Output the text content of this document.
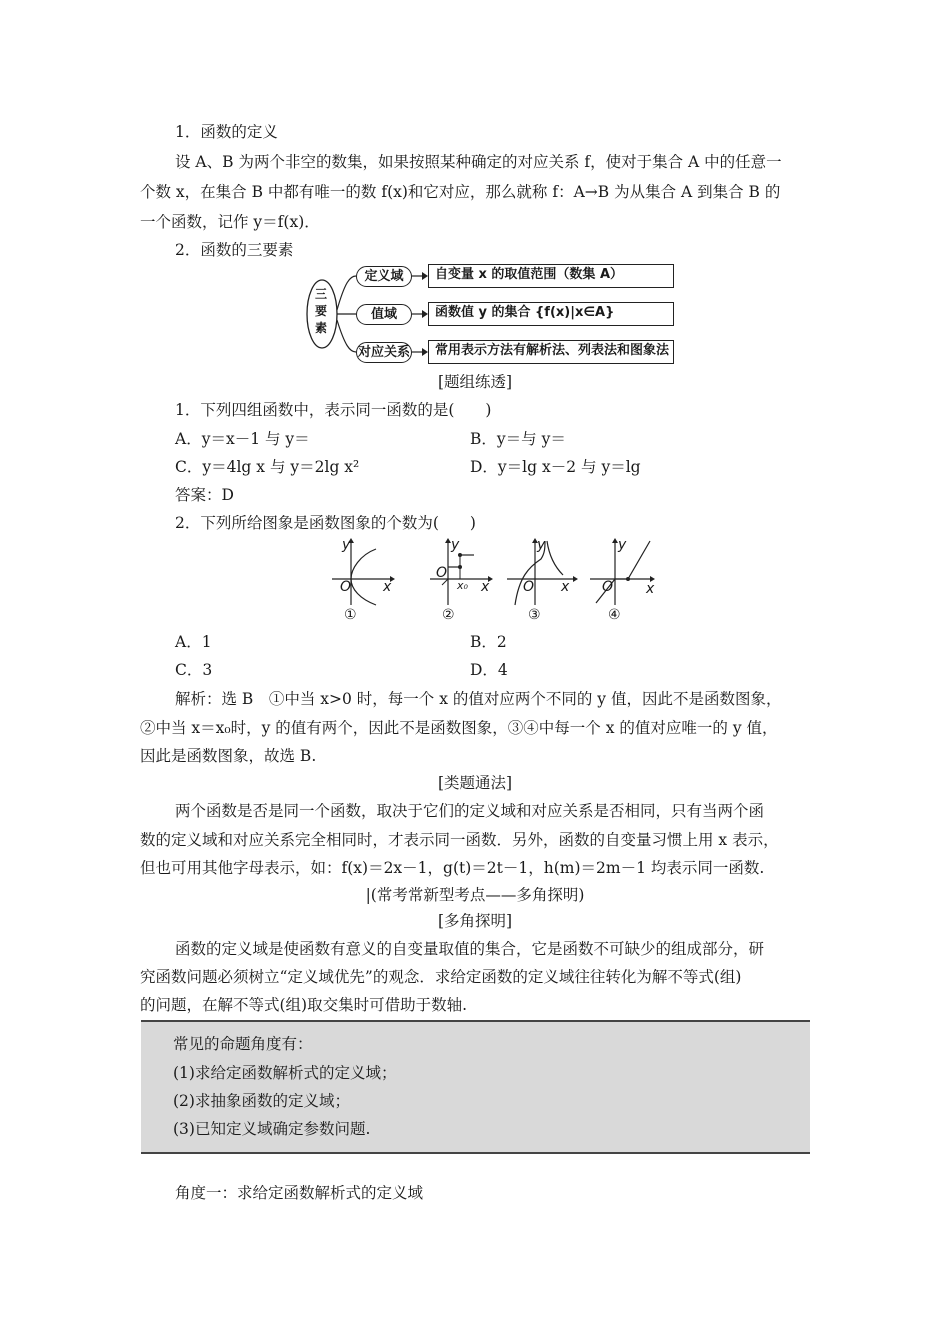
1．函数的定义
设 A、B 为两个非空的数集，如果按照某种确定的对应关系 f，使对于集合 A 中的任意一
个数 x，在集合 B 中都有唯一的数 f(x)和它对应，那么就称 f：A→B 为从集合 A 到集合 B 的
一个函数，记作 y＝f(x)．
2．函数的三要素
三要素
定义域
值域
对应关系
自变量 x 的取值范围（数集 A）
函数值 y 的集合 {f(x)|x∈A}
常用表示方法有解析法、列表法和图象法
[题组练透]
1．下列四组函数中，表示同一函数的是(　　)
A．y＝x－1 与 y＝	B．y＝与 y＝
C．y＝4lg x 与 y＝2lg x²	D．y＝lg x－2 与 y＝lg
答案：D
2．下列所给图象是函数图象的个数为(　　)
y
x
O
①
y
x
O
x₀
②
y
x
O
③
y
x
O
④
A．1	B．2
C．3	D．4
解析：选 B　①中当 x>0 时，每一个 x 的值对应两个不同的 y 值，因此不是函数图象，
②中当 x＝x₀时，y 的值有两个，因此不是函数图象，③④中每一个 x 的值对应唯一的 y 值，
因此是函数图象，故选 B.
[类题通法]
两个函数是否是同一个函数，取决于它们的定义域和对应关系是否相同，只有当两个函
数的定义域和对应关系完全相同时，才表示同一函数．另外，函数的自变量习惯上用 x 表示，
但也可用其他字母表示，如：f(x)＝2x－1，g(t)＝2t－1，h(m)＝2m－1 均表示同一函数.
|(常考常新型考点——多角探明)
[多角探明]
函数的定义域是使函数有意义的自变量取值的集合，它是函数不可缺少的组成部分，研
究函数问题必须树立“定义域优先”的观念．求给定函数的定义域往往转化为解不等式(组)
的问题，在解不等式(组)取交集时可借助于数轴.
常见的命题角度有：
(1)求给定函数解析式的定义域；
(2)求抽象函数的定义域；
(3)已知定义域确定参数问题.
角度一：求给定函数解析式的定义域
